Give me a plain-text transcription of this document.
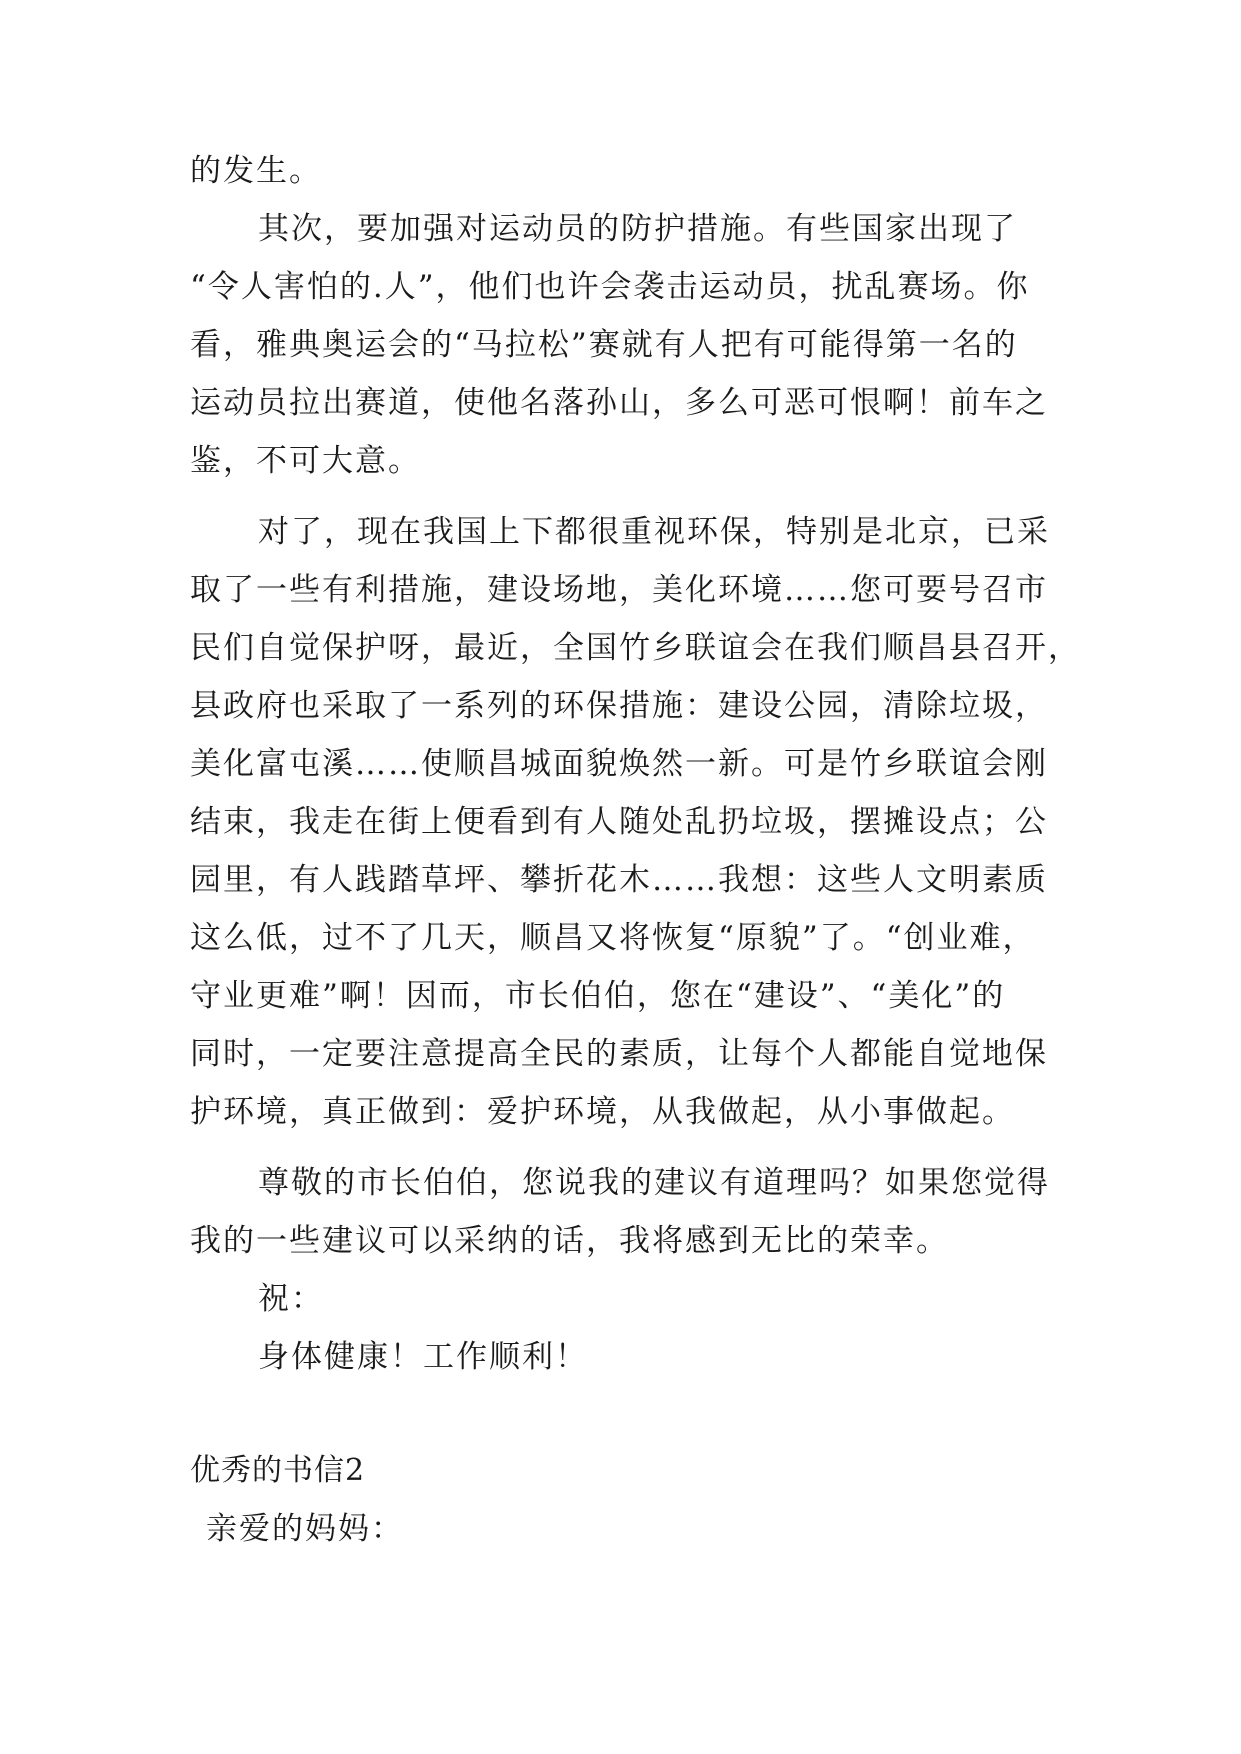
的发生。
其次，要加强对运动员的防护措施。有些国家出现了
“令人害怕的.人”，他们也许会袭击运动员，扰乱赛场。你
看，雅典奥运会的“马拉松”赛就有人把有可能得第一名的
运动员拉出赛道，使他名落孙山，多么可恶可恨啊！前车之
鉴，不可大意。
对了，现在我国上下都很重视环保，特别是北京，已采
取了一些有利措施，建设场地，美化环境……您可要号召市
民们自觉保护呀，最近，全国竹乡联谊会在我们顺昌县召开，
县政府也采取了一系列的环保措施：建设公园，清除垃圾，
美化富屯溪……使顺昌城面貌焕然一新。可是竹乡联谊会刚
结束，我走在街上便看到有人随处乱扔垃圾，摆摊设点；公
园里，有人践踏草坪、攀折花木……我想：这些人文明素质
这么低，过不了几天，顺昌又将恢复“原貌”了。“创业难，
守业更难”啊！因而，市长伯伯，您在“建设”、“美化”的
同时，一定要注意提高全民的素质，让每个人都能自觉地保
护环境，真正做到：爱护环境，从我做起，从小事做起。
尊敬的市长伯伯，您说我的建议有道理吗？如果您觉得
我的一些建议可以采纳的话，我将感到无比的荣幸。
祝：
身体健康！工作顺利！
优秀的书信2
亲爱的妈妈：
